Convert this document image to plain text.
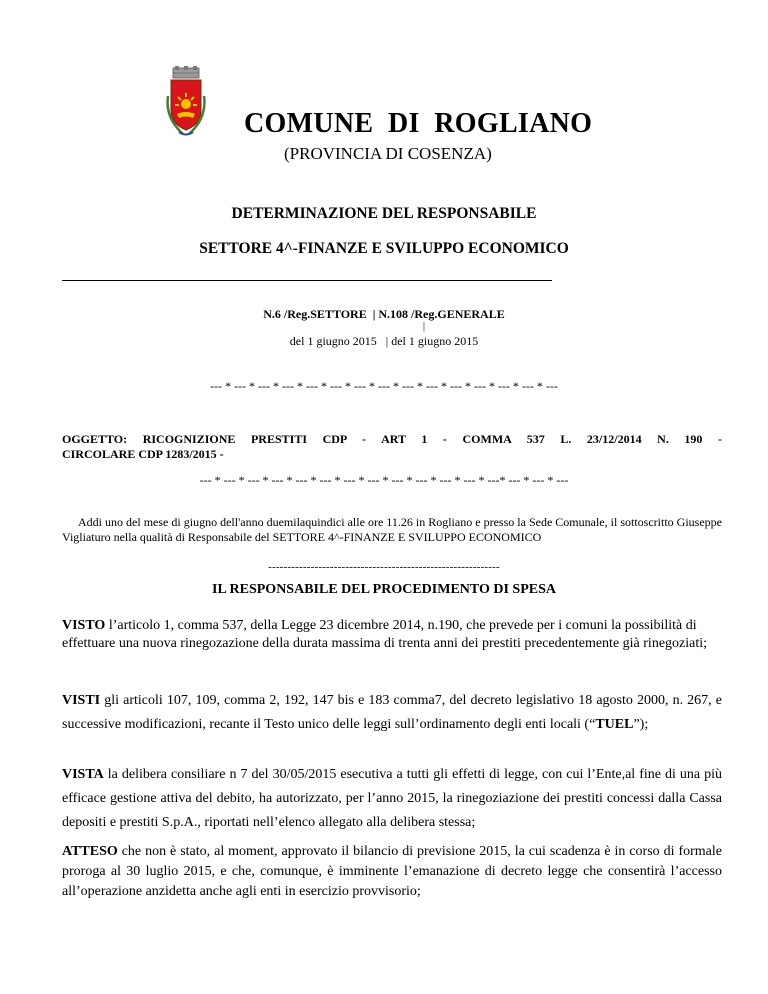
COMUNE  DI  ROGLIANO
(PROVINCIA DI COSENZA)
DETERMINAZIONE DEL RESPONSABILE
SETTORE 4^-FINANZE E SVILUPPO ECONOMICO
N.6 /Reg.SETTORE  | N.108 /Reg.GENERALE
|
del 1 giugno 2015   | del 1 giugno 2015
--- * --- * --- * --- * --- * --- * --- * --- * --- * --- * --- * --- * --- * --- * ---
OGGETTO: RICOGNIZIONE PRESTITI CDP - ART 1 - COMMA 537 L. 23/12/2014 N. 190 -
CIRCOLARE CDP 1283/2015 -
--- * --- * --- * --- * --- * --- * --- * --- * --- * --- * --- * --- * ---* --- * --- * ---
Addi uno del mese di giugno dell'anno duemilaquindici alle ore 11.26 in Rogliano e presso la Sede Comunale, il sottoscritto Giuseppe Vigliaturo nella qualità di Responsabile del SETTORE 4^-FINANZE E SVILUPPO ECONOMICO
------------------------------------------------------------
IL RESPONSABILE DEL PROCEDIMENTO DI SPESA
VISTO l’articolo 1, comma 537, della Legge 23 dicembre 2014, n.190, che prevede per i comuni la possibilità di effettuare una nuova rinegozazione della durata massima di trenta anni dei prestiti precedentemente già rinegoziati;
VISTI gli articoli 107, 109, comma 2, 192, 147 bis e 183 comma7, del decreto legislativo 18 agosto 2000, n. 267, e successive modificazioni, recante il Testo unico delle leggi sull’ordinamento degli enti locali (“TUEL”);
VISTA la delibera consiliare n 7 del 30/05/2015 esecutiva a tutti gli effetti di legge, con cui l’Ente,al fine di una più efficace gestione attiva del debito, ha autorizzato, per l’anno 2015, la rinegoziazione dei prestiti concessi dalla Cassa depositi e prestiti S.p.A., riportati nell’elenco allegato alla delibera stessa;
ATTESO che non è stato, al moment, approvato il bilancio di previsione 2015, la cui scadenza è in corso di formale proroga al 30 luglio 2015, e che, comunque, è imminente l’emanazione di decreto legge che consentirà l’accesso all’operazione anzidetta anche agli enti in esercizio provvisorio;
